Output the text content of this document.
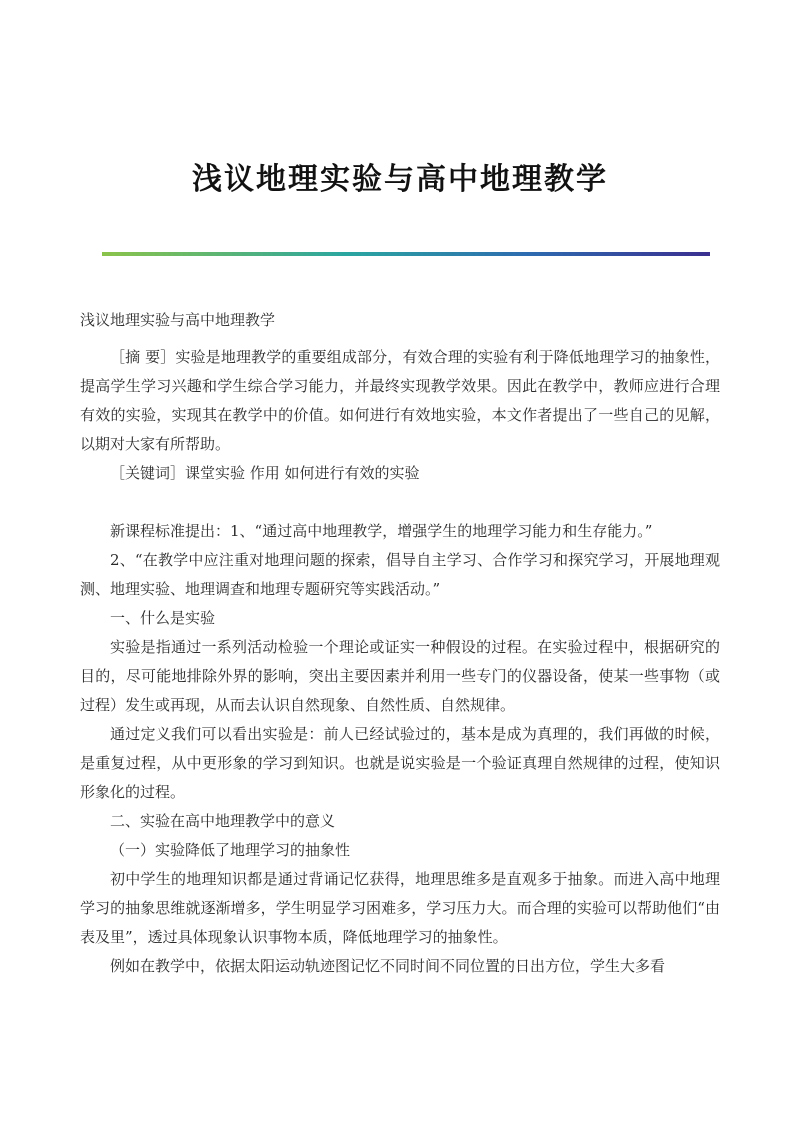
浅议地理实验与高中地理教学

浅议地理实验与高中地理教学

［摘 要］实验是地理教学的重要组成部分，有效合理的实验有利于降低地理学习的抽象性，提高学生学习兴趣和学生综合学习能力，并最终实现教学效果。因此在教学中，教师应进行合理有效的实验，实现其在教学中的价值。如何进行有效地实验，本文作者提出了一些自己的见解，以期对大家有所帮助。

［关键词］课堂实验 作用 如何进行有效的实验

新课程标准提出：1、“通过高中地理教学，增强学生的地理学习能力和生存能力。”

2、“在教学中应注重对地理问题的探索，倡导自主学习、合作学习和探究学习，开展地理观测、地理实验、地理调查和地理专题研究等实践活动。”

一、什么是实验

实验是指通过一系列活动检验一个理论或证实一种假设的过程。在实验过程中，根据研究的目的，尽可能地排除外界的影响，突出主要因素并利用一些专门的仪器设备，使某一些事物（或过程）发生或再现，从而去认识自然现象、自然性质、自然规律。

通过定义我们可以看出实验是：前人已经试验过的，基本是成为真理的，我们再做的时候，是重复过程，从中更形象的学习到知识。也就是说实验是一个验证真理自然规律的过程，使知识形象化的过程。

二、实验在高中地理教学中的意义

（一）实验降低了地理学习的抽象性

初中学生的地理知识都是通过背诵记忆获得，地理思维多是直观多于抽象。而进入高中地理学习的抽象思维就逐渐增多，学生明显学习困难多，学习压力大。而合理的实验可以帮助他们“由表及里”，透过具体现象认识事物本质，降低地理学习的抽象性。

例如在教学中，依据太阳运动轨迹图记忆不同时间不同位置的日出方位，学生大多看
